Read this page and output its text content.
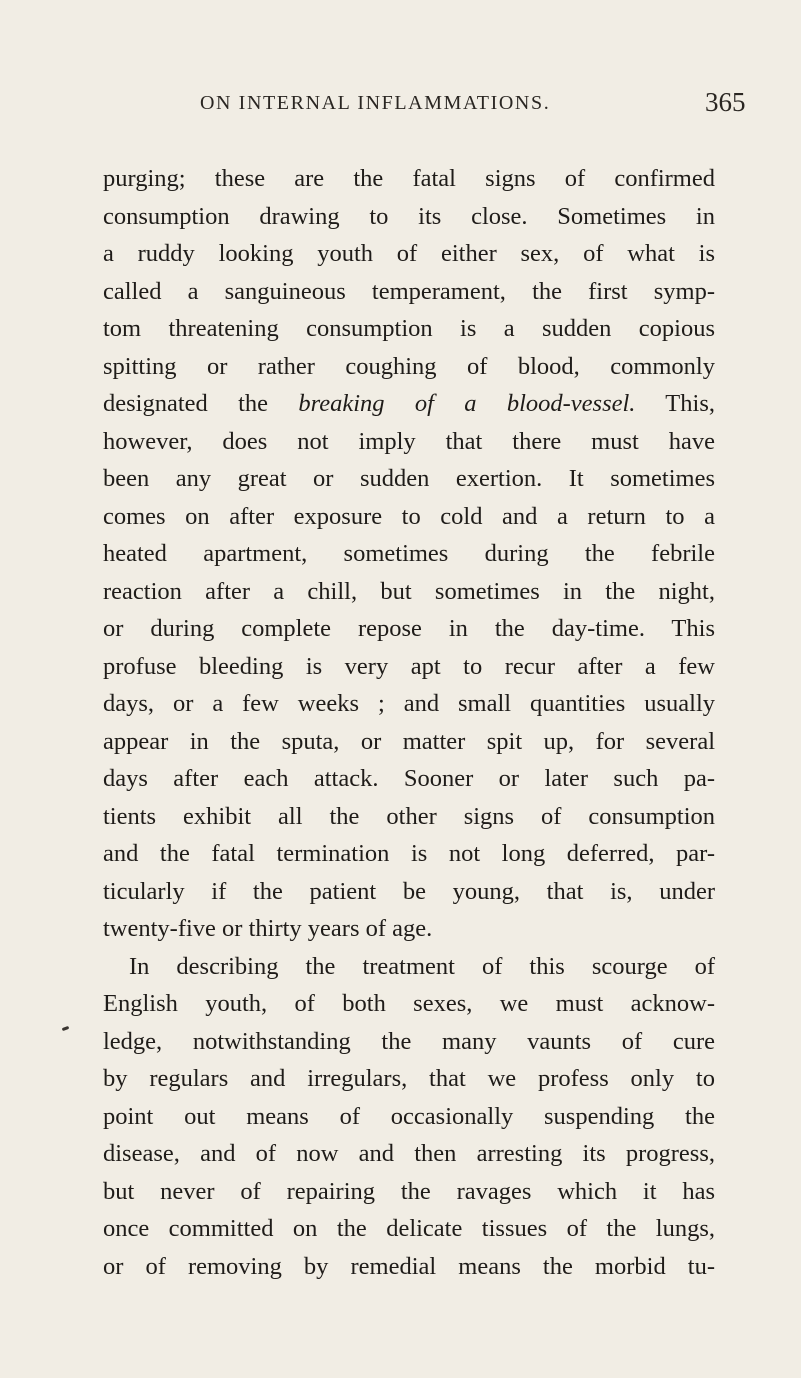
ON INTERNAL INFLAMMATIONS.	365
purging; these are the fatal signs of confirmed
consumption drawing to its close. Sometimes in
a ruddy looking youth of either sex, of what is
called a sanguineous temperament, the first symp-
tom threatening consumption is a sudden copious
spitting or rather coughing of blood, commonly
designated the breaking of a blood-vessel. This,
however, does not imply that there must have
been any great or sudden exertion. It sometimes
comes on after exposure to cold and a return to a
heated apartment, sometimes during the febrile
reaction after a chill, but sometimes in the night,
or during complete repose in the day-time. This
profuse bleeding is very apt to recur after a few
days, or a few weeks ; and small quantities usually
appear in the sputa, or matter spit up, for several
days after each attack. Sooner or later such pa-
tients exhibit all the other signs of consumption
and the fatal termination is not long deferred, par-
ticularly if the patient be young, that is, under
twenty-five or thirty years of age.
In describing the treatment of this scourge of
English youth, of both sexes, we must acknow-
ledge, notwithstanding the many vaunts of cure
by regulars and irregulars, that we profess only to
point out means of occasionally suspending the
disease, and of now and then arresting its progress,
but never of repairing the ravages which it has
once committed on the delicate tissues of the lungs,
or of removing by remedial means the morbid tu-
